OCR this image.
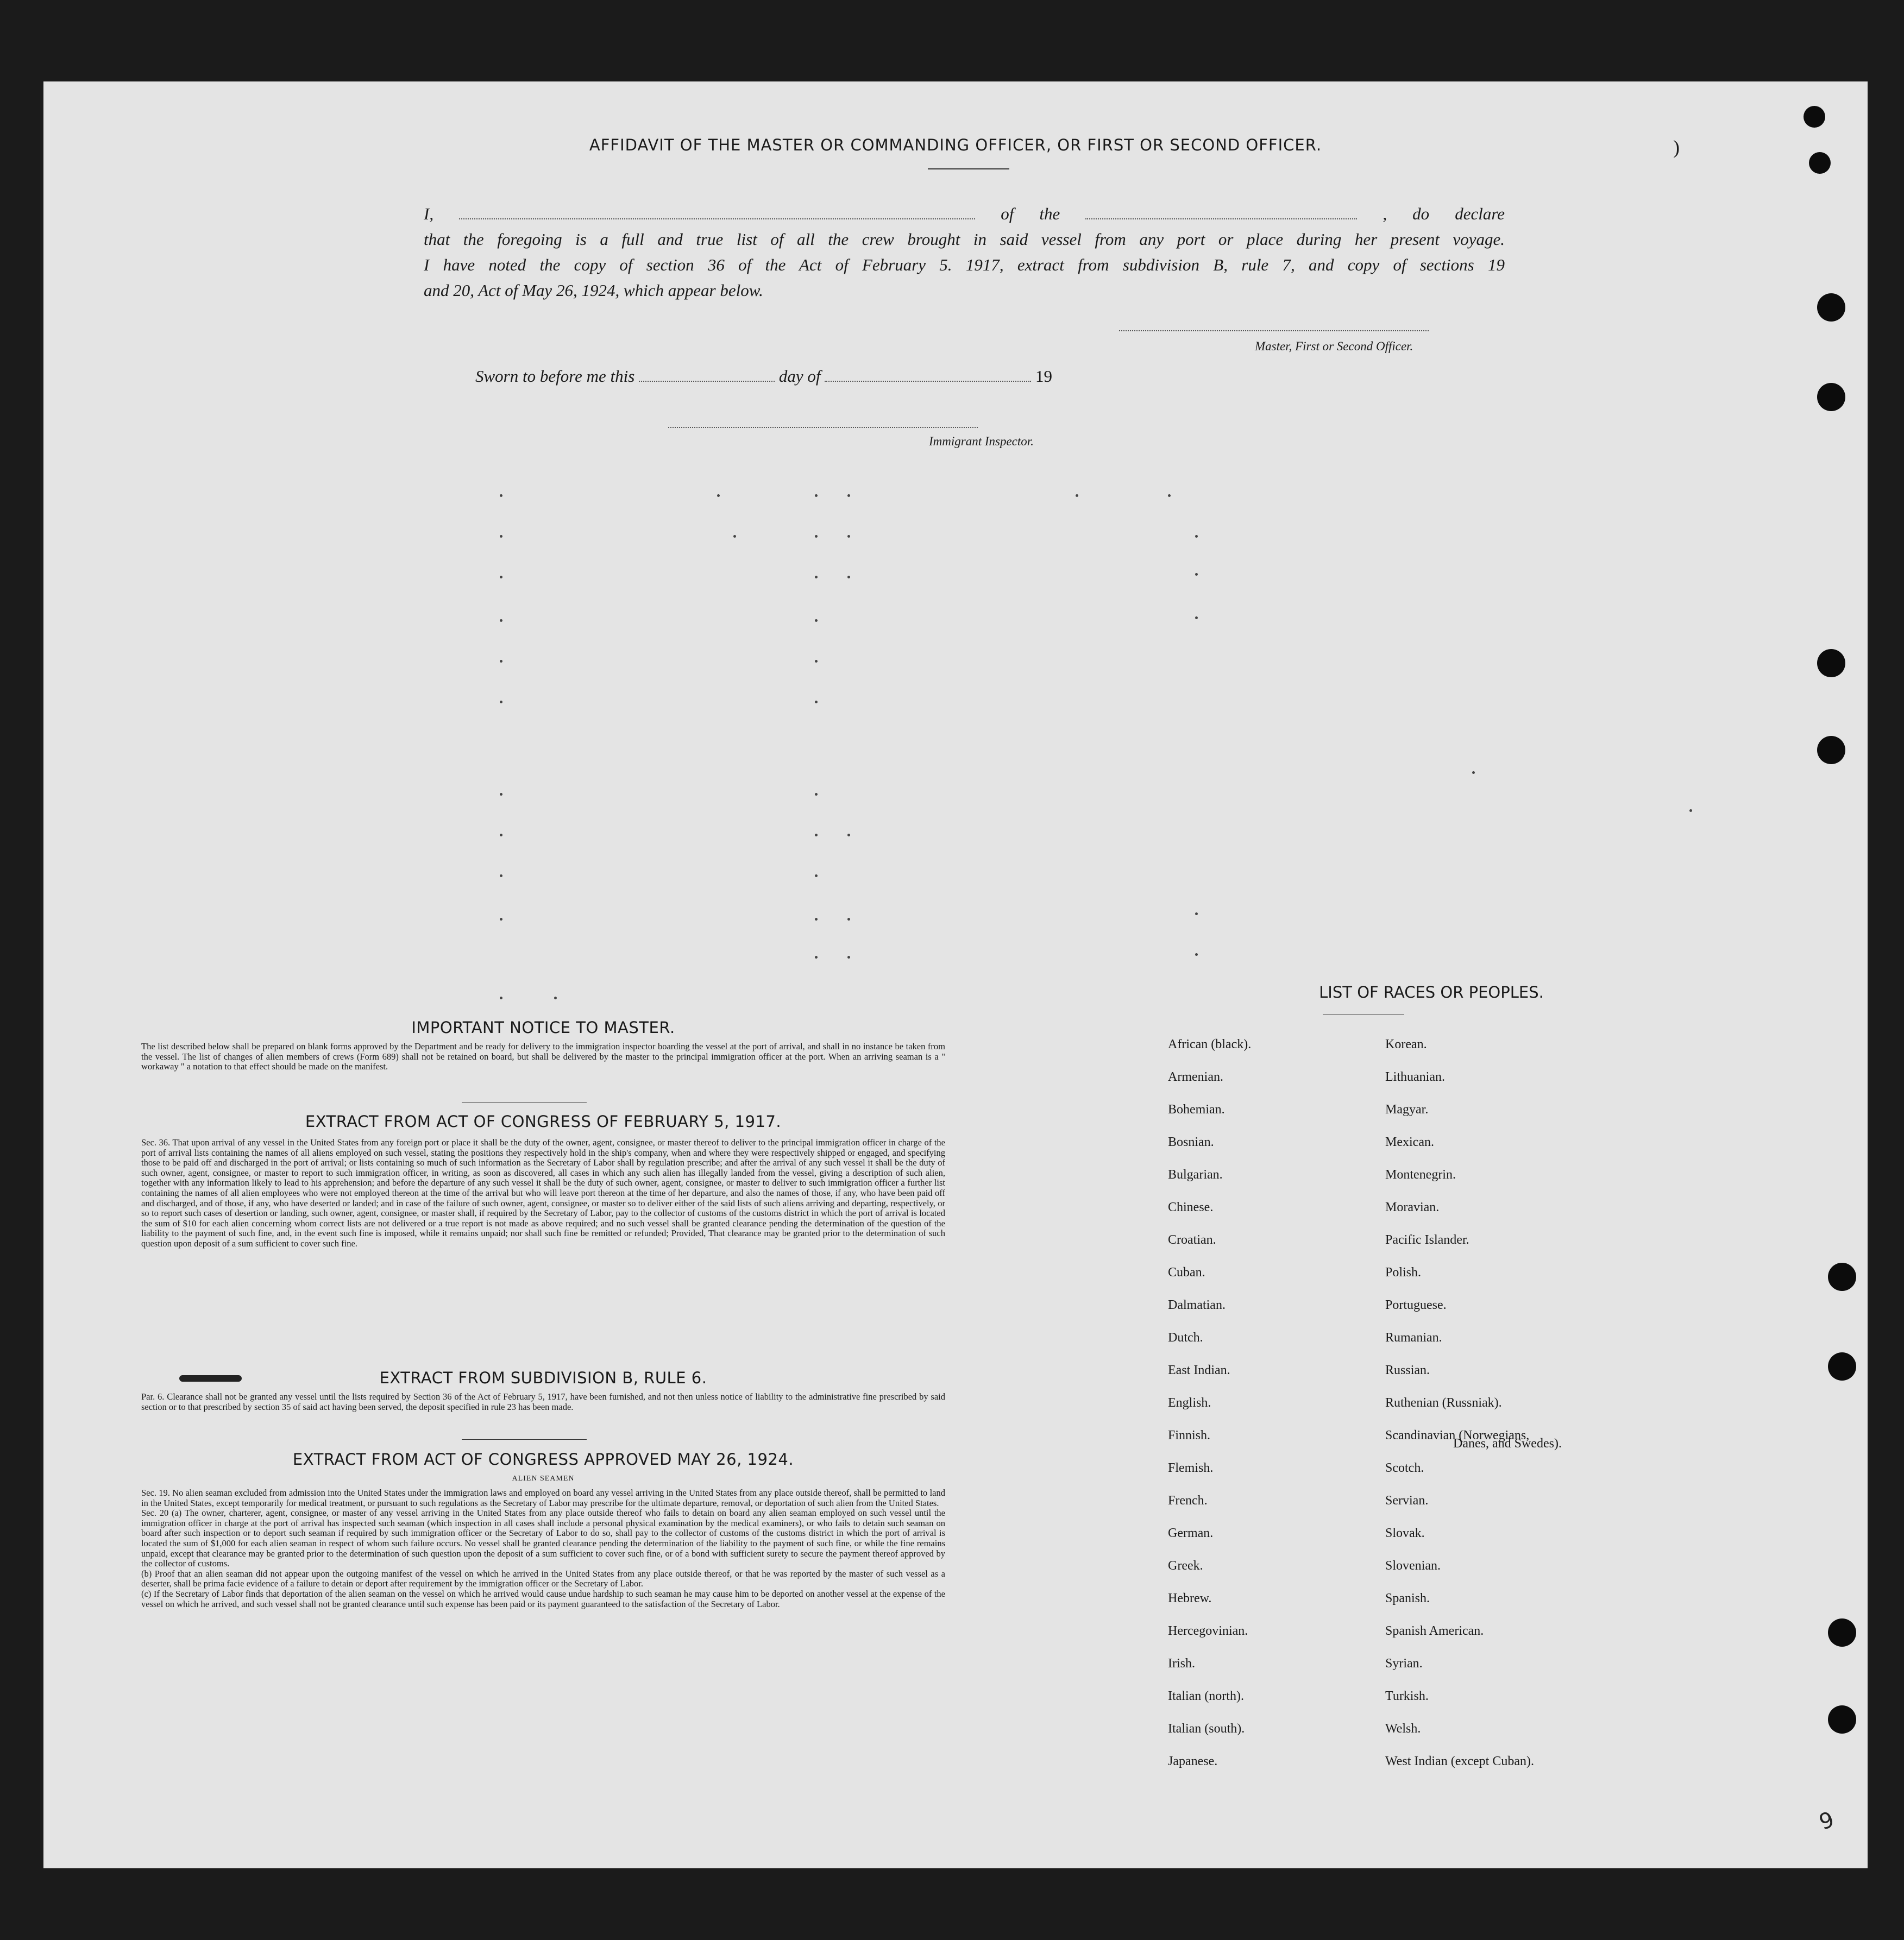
AFFIDAVIT OF THE MASTER OR COMMANDING OFFICER, OR FIRST OR SECOND OFFICER.	)
I,	of the	, do declare
that the foregoing is a full and true list of all the crew brought in said vessel from any port or place during her present voyage.
I have noted the copy of section 36 of the Act of February 5. 1917, extract from subdivision B, rule 7, and copy of sections 19
and 20, Act of May 26, 1924, which appear below.
Master, First or Second Officer.
Sworn to before me this	day of	19
Immigrant Inspector.
IMPORTANT NOTICE TO MASTER.
The list described below shall be prepared on blank forms approved by the Department and be ready for delivery to the immigration inspector boarding the vessel at the port of arrival, and shall in no instance be taken from the vessel. The list of changes of alien members of crews (Form 689) shall not be retained on board, but shall be delivered by the master to the principal immigration officer at the port. When an arriving seaman is a " workaway " a notation to that effect should be made on the manifest.
EXTRACT FROM ACT OF CONGRESS OF FEBRUARY 5, 1917.
Sec. 36. That upon arrival of any vessel in the United States from any foreign port or place it shall be the duty of the owner, agent, consignee, or master thereof to deliver to the principal immigration officer in charge of the port of arrival lists containing the names of all aliens employed on such vessel, stating the positions they respectively hold in the ship's company, when and where they were respectively shipped or engaged, and specifying those to be paid off and discharged in the port of arrival; or lists containing so much of such information as the Secretary of Labor shall by regulation prescribe; and after the arrival of any such vessel it shall be the duty of such owner, agent, consignee, or master to report to such immigration officer, in writing, as soon as discovered, all cases in which any such alien has illegally landed from the vessel, giving a description of such alien, together with any information likely to lead to his apprehension; and before the departure of any such vessel it shall be the duty of such owner, agent, consignee, or master to deliver to such immigration officer a further list containing the names of all alien employees who were not employed thereon at the time of the arrival but who will leave port thereon at the time of her departure, and also the names of those, if any, who have been paid off and discharged, and of those, if any, who have deserted or landed; and in case of the failure of such owner, agent, consignee, or master so to deliver either of the said lists of such aliens arriving and departing, respectively, or so to report such cases of desertion or landing, such owner, agent, consignee, or master shall, if required by the Secretary of Labor, pay to the collector of customs of the customs district in which the port of arrival is located the sum of $10 for each alien concerning whom correct lists are not delivered or a true report is not made as above required; and no such vessel shall be granted clearance pending the determination of the question of the liability to the payment of such fine, and, in the event such fine is imposed, while it remains unpaid; nor shall such fine be remitted or refunded; Provided, That clearance may be granted prior to the determination of such question upon deposit of a sum sufficient to cover such fine.
EXTRACT FROM SUBDIVISION B, RULE 6.
Par. 6. Clearance shall not be granted any vessel until the lists required by Section 36 of the Act of February 5, 1917, have been furnished, and not then unless notice of liability to the administrative fine prescribed by said section or to that prescribed by section 35 of said act having been served, the deposit specified in rule 23 has been made.
EXTRACT FROM ACT OF CONGRESS APPROVED MAY 26, 1924.
ALIEN SEAMEN
Sec. 19. No alien seaman excluded from admission into the United States under the immigration laws and employed on board any vessel arriving in the United States from any place outside thereof, shall be permitted to land in the United States, except temporarily for medical treatment, or pursuant to such regulations as the Secretary of Labor may prescribe for the ultimate departure, removal, or deportation of such alien from the United States.
Sec. 20 (a) The owner, charterer, agent, consignee, or master of any vessel arriving in the United States from any place outside thereof who fails to detain on board any alien seaman employed on such vessel until the immigration officer in charge at the port of arrival has inspected such seaman (which inspection in all cases shall include a personal physical examination by the medical examiners), or who fails to detain such seaman on board after such inspection or to deport such seaman if required by such immigration officer or the Secretary of Labor to do so, shall pay to the collector of customs of the customs district in which the port of arrival is located the sum of $1,000 for each alien seaman in respect of whom such failure occurs. No vessel shall be granted clearance pending the determination of the liability to the payment of such fine, or while the fine remains unpaid, except that clearance may be granted prior to the determination of such question upon the deposit of a sum sufficient to cover such fine, or of a bond with sufficient surety to secure the payment thereof approved by the collector of customs.
(b) Proof that an alien seaman did not appear upon the outgoing manifest of the vessel on which he arrived in the United States from any place outside thereof, or that he was reported by the master of such vessel as a deserter, shall be prima facie evidence of a failure to detain or deport after requirement by the immigration officer or the Secretary of Labor.
(c) If the Secretary of Labor finds that deportation of the alien seaman on the vessel on which he arrived would cause undue hardship to such seaman he may cause him to be deported on another vessel at the expense of the vessel on which he arrived, and such vessel shall not be granted clearance until such expense has been paid or its payment guaranteed to the satisfaction of the Secretary of Labor.
LIST OF RACES OR PEOPLES.
African (black).
Armenian.
Bohemian.
Bosnian.
Bulgarian.
Chinese.
Croatian.
Cuban.
Dalmatian.
Dutch.
East Indian.
English.
Finnish.
Flemish.
French.
German.
Greek.
Hebrew.
Hercegovinian.
Irish.
Italian (north).
Italian (south).
Japanese.
Korean.
Lithuanian.
Magyar.
Mexican.
Montenegrin.
Moravian.
Pacific Islander.
Polish.
Portuguese.
Rumanian.
Russian.
Ruthenian (Russniak).
Scandinavian (Norwegians,
Scotch.
Servian.
Slovak.
Slovenian.
Spanish.
Spanish American.
Syrian.
Turkish.
Welsh.
West Indian (except Cuban).
Danes, and Swedes).
9
